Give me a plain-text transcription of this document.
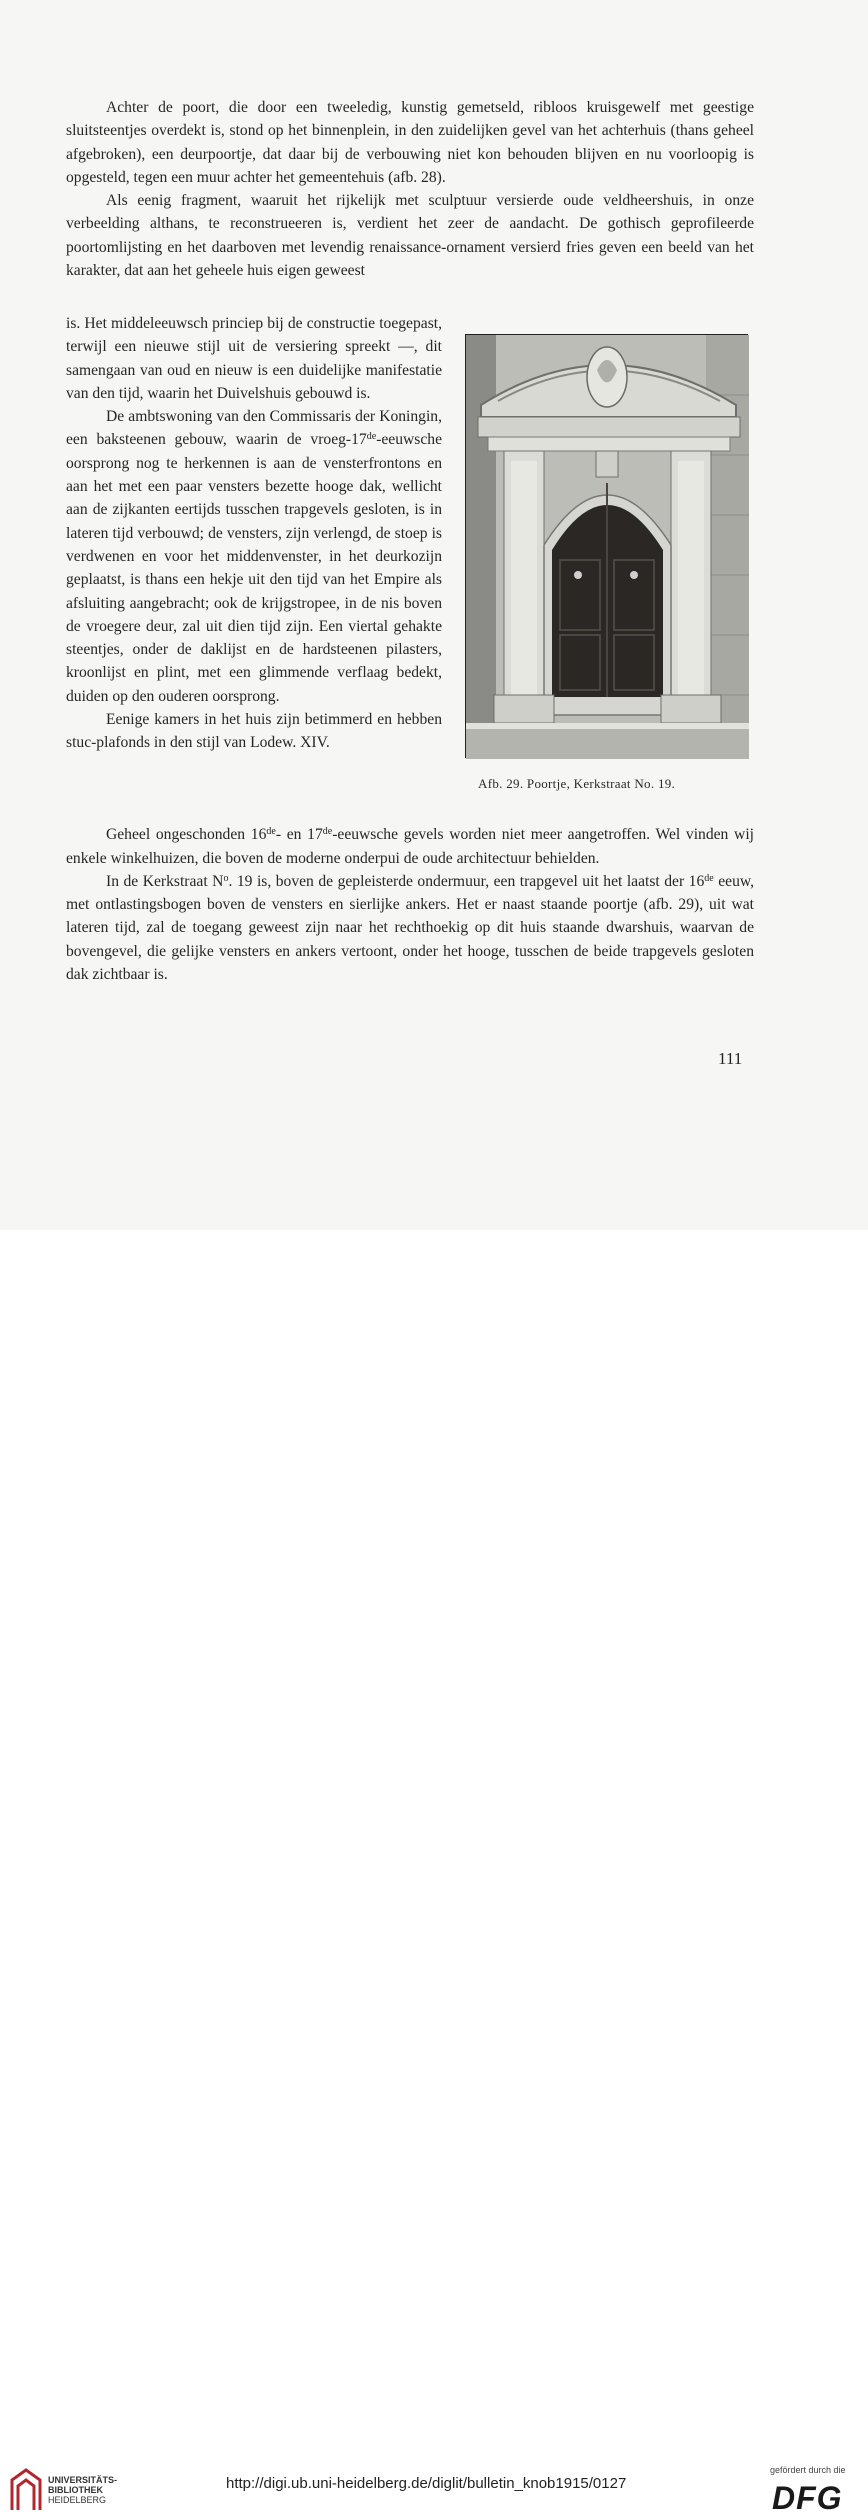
Achter de poort, die door een tweeledig, kunstig gemetseld, ribloos kruisgewelf met geestige sluitsteentjes overdekt is, stond op het binnenplein, in den zuidelijken gevel van het achterhuis (thans geheel afgebroken), een deurpoortje, dat daar bij de verbouwing niet kon behouden blijven en nu voorloopig is opgesteld, tegen een muur achter het gemeentehuis (afb. 28).

Als eenig fragment, waaruit het rijkelijk met sculptuur versierde oude veldheershuis, in onze verbeelding althans, te reconstrueeren is, verdient het zeer de aandacht. De gothisch geprofileerde poortomlijsting en het daarboven met levendig renaissance-ornament versierd fries geven een beeld van het karakter, dat aan het geheele huis eigen geweest

is. Het middeleeuwsch princiep bij de constructie toegepast, terwijl een nieuwe stijl uit de versiering spreekt —, dit samengaan van oud en nieuw is een duidelijke manifestatie van den tijd, waarin het Duivelshuis gebouwd is.

De ambtswoning van den Commissaris der Koningin, een baksteenen gebouw, waarin de vroeg-17de-eeuwsche oorsprong nog te herkennen is aan de vensterfrontons en aan het met een paar vensters bezette hooge dak, wellicht aan de zijkanten eertijds tusschen trapgevels gesloten, is in lateren tijd verbouwd; de vensters, zijn verlengd, de stoep is verdwenen en voor het middenvenster, in het deurkozijn geplaatst, is thans een hekje uit den tijd van het Empire als afsluiting aangebracht; ook de krijgstropee, in de nis boven de vroegere deur, zal uit dien tijd zijn. Een viertal gehakte steentjes, onder de daklijst en de hardsteenen pilasters, kroonlijst en plint, met een glimmende verflaag bedekt, duiden op den ouderen oorsprong.

Eenige kamers in het huis zijn betimmerd en hebben stuc-plafonds in den stijl van Lodew. XIV.

Afb. 29. Poortje, Kerkstraat No. 19.

Geheel ongeschonden 16de- en 17de-eeuwsche gevels worden niet meer aangetroffen. Wel vinden wij enkele winkelhuizen, die boven de moderne onderpui de oude architectuur behielden.

In de Kerkstraat $N^o$. 19 is, boven de gepleisterde ondermuur, een trapgevel uit het laatst der 16de eeuw, met ontlastingsbogen boven de vensters en sierlijke ankers. Het er naast staande poortje (afb. 29), uit wat lateren tijd, zal de toegang geweest zijn naar het rechthoekig op dit huis staande dwarshuis, waarvan de bovengevel, die gelijke vensters en ankers vertoont, onder het hooge, tusschen de beide trapgevels gesloten dak zichtbaar is.

111
UNIVERSITÄTS-
BIBLIOTHEK
HEIDELBERG
http://digi.ub.uni-heidelberg.de/diglit/bulletin_knob1915/0127
gefördert durch die
DFG
